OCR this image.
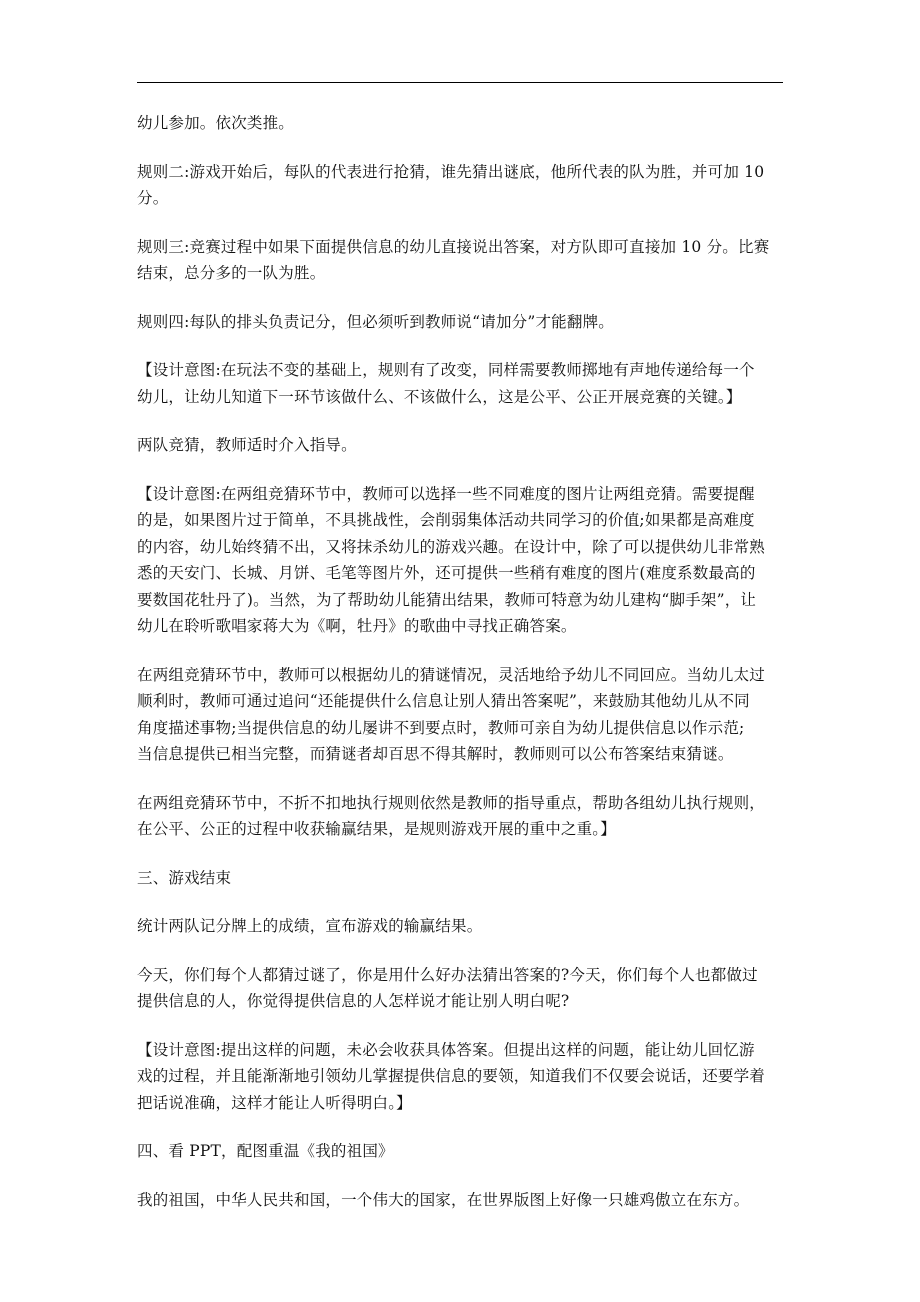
幼儿参加。依次类推。

规则二:游戏开始后，每队的代表进行抢猜，谁先猜出谜底，他所代表的队为胜，并可加 10
分。

规则三:竞赛过程中如果下面提供信息的幼儿直接说出答案，对方队即可直接加 10 分。比赛
结束，总分多的一队为胜。

规则四:每队的排头负责记分，但必须听到教师说“请加分”才能翻牌。

【设计意图:在玩法不变的基础上，规则有了改变，同样需要教师掷地有声地传递给每一个
幼儿，让幼儿知道下一环节该做什么、不该做什么，这是公平、公正开展竞赛的关键。】

两队竞猜，教师适时介入指导。

【设计意图:在两组竞猜环节中，教师可以选择一些不同难度的图片让两组竞猜。需要提醒
的是，如果图片过于简单，不具挑战性，会削弱集体活动共同学习的价值;如果都是高难度
的内容，幼儿始终猜不出，又将抹杀幼儿的游戏兴趣。在设计中，除了可以提供幼儿非常熟
悉的天安门、长城、月饼、毛笔等图片外，还可提供一些稍有难度的图片(难度系数最高的
要数国花牡丹了)。当然，为了帮助幼儿能猜出结果，教师可特意为幼儿建构“脚手架”，让
幼儿在聆听歌唱家蒋大为《啊，牡丹》的歌曲中寻找正确答案。

在两组竞猜环节中，教师可以根据幼儿的猜谜情况，灵活地给予幼儿不同回应。当幼儿太过
顺利时，教师可通过追问“还能提供什么信息让别人猜出答案呢”，来鼓励其他幼儿从不同
角度描述事物;当提供信息的幼儿屡讲不到要点时，教师可亲自为幼儿提供信息以作示范;
当信息提供已相当完整，而猜谜者却百思不得其解时，教师则可以公布答案结束猜谜。

在两组竞猜环节中，不折不扣地执行规则依然是教师的指导重点，帮助各组幼儿执行规则，
在公平、公正的过程中收获输赢结果，是规则游戏开展的重中之重。】

三、游戏结束

统计两队记分牌上的成绩，宣布游戏的输赢结果。

今天，你们每个人都猜过谜了，你是用什么好办法猜出答案的?今天，你们每个人也都做过
提供信息的人，你觉得提供信息的人怎样说才能让别人明白呢?

【设计意图:提出这样的问题，未必会收获具体答案。但提出这样的问题，能让幼儿回忆游
戏的过程，并且能渐渐地引领幼儿掌握提供信息的要领，知道我们不仅要会说话，还要学着
把话说准确，这样才能让人听得明白。】

四、看 PPT，配图重温《我的祖国》

我的祖国，中华人民共和国，一个伟大的国家，在世界版图上好像一只雄鸡傲立在东方。
